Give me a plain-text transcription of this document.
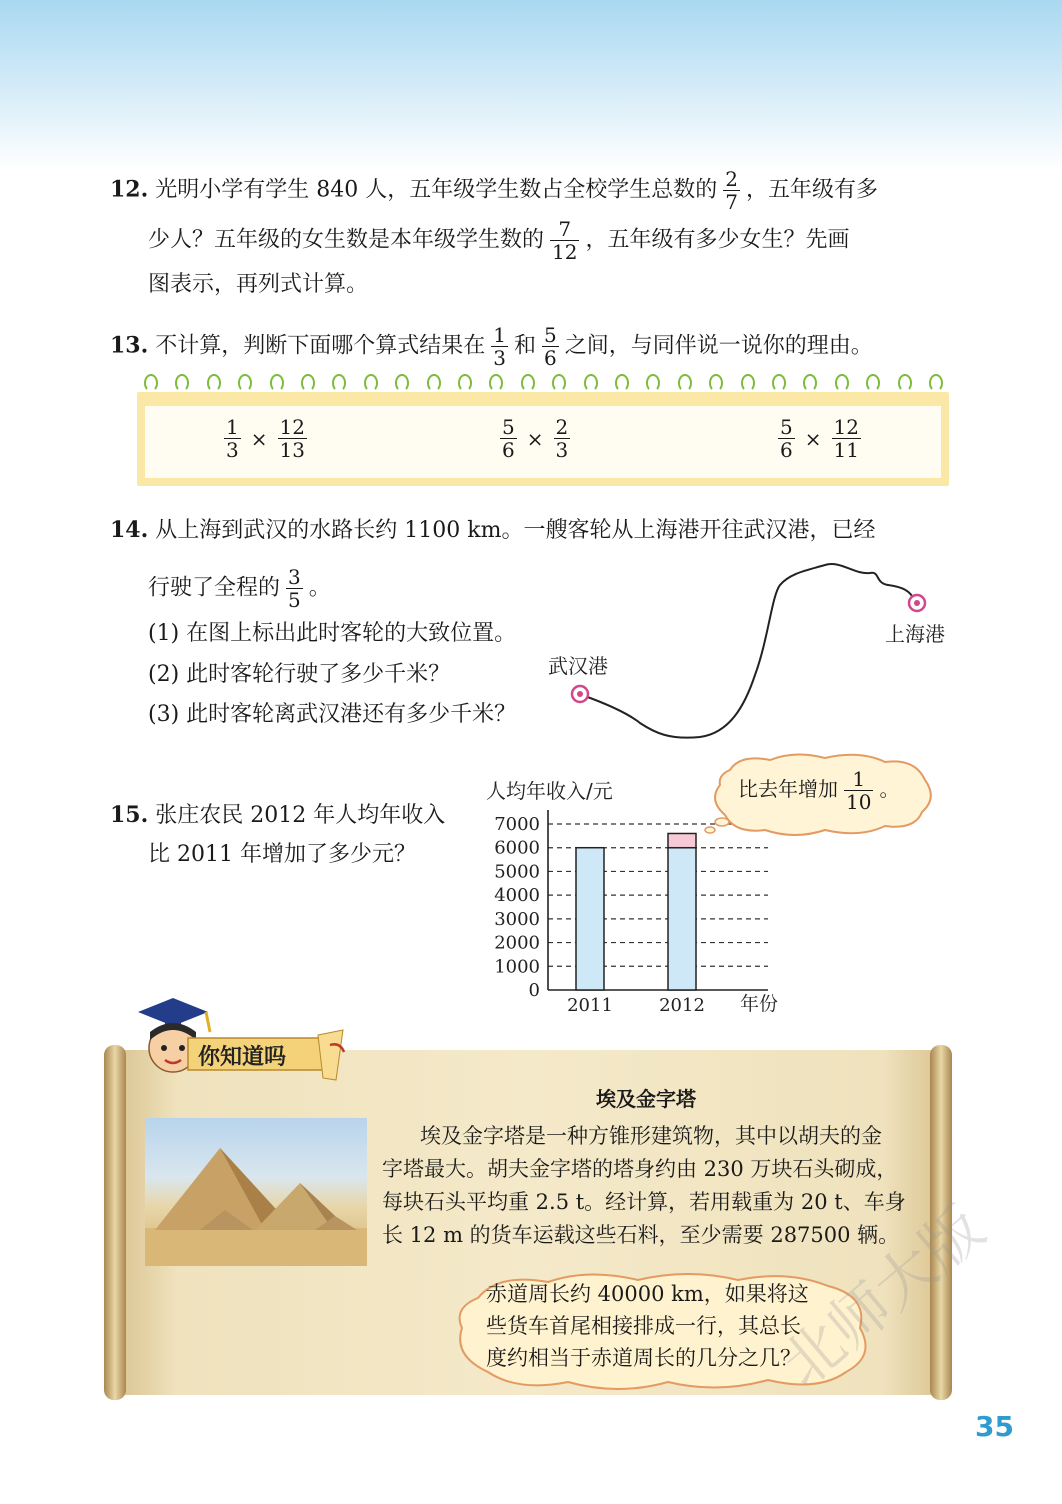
12. 光明小学有学生 840 人，五年级学生数占全校学生总数的 $\frac{2}{7}$ ，五年级有多
少人？五年级的女生数是本年级学生数的 $\frac{7}{12}$ ，五年级有多少女生？先画
图表示，再列式计算。
13. 不计算，判断下面哪个算式结果在 $\frac{1}{3}$ 和 $\frac{5}{6}$ 之间，与同伴说一说你的理由。
$\frac{1}{3} \times \frac{12}{13}$	$\frac{5}{6} \times \frac{2}{3}$	$\frac{5}{6} \times \frac{12}{11}$
14. 从上海到武汉的水路长约 1100 km。一艘客轮从上海港开往武汉港，已经
行驶了全程的 $\frac{3}{5}$ 。
(1) 在图上标出此时客轮的大致位置。
(2) 此时客轮行驶了多少千米？
(3) 此时客轮离武汉港还有多少千米？
武汉港
上海港
15. 张庄农民 2012 年人均年收入
比 2011 年增加了多少元？
人均年收入/元
年份
0
1000
2000
3000
4000
5000
6000
7000
2011	2012
比去年增加 $\frac{1}{10}$ 。
你知道吗
埃及金字塔
埃及金字塔是一种方锥形建筑物，其中以胡夫的金
字塔最大。胡夫金字塔的塔身约由 230 万块石头砌成，
每块石头平均重 2.5 t。经计算，若用载重为 20 t、车身
长 12 m 的货车运载这些石料，至少需要 287500 辆。
赤道周长约 40000 km，如果将这
些货车首尾相接排成一行，其总长
度约相当于赤道周长的几分之几？
北师大版
35
